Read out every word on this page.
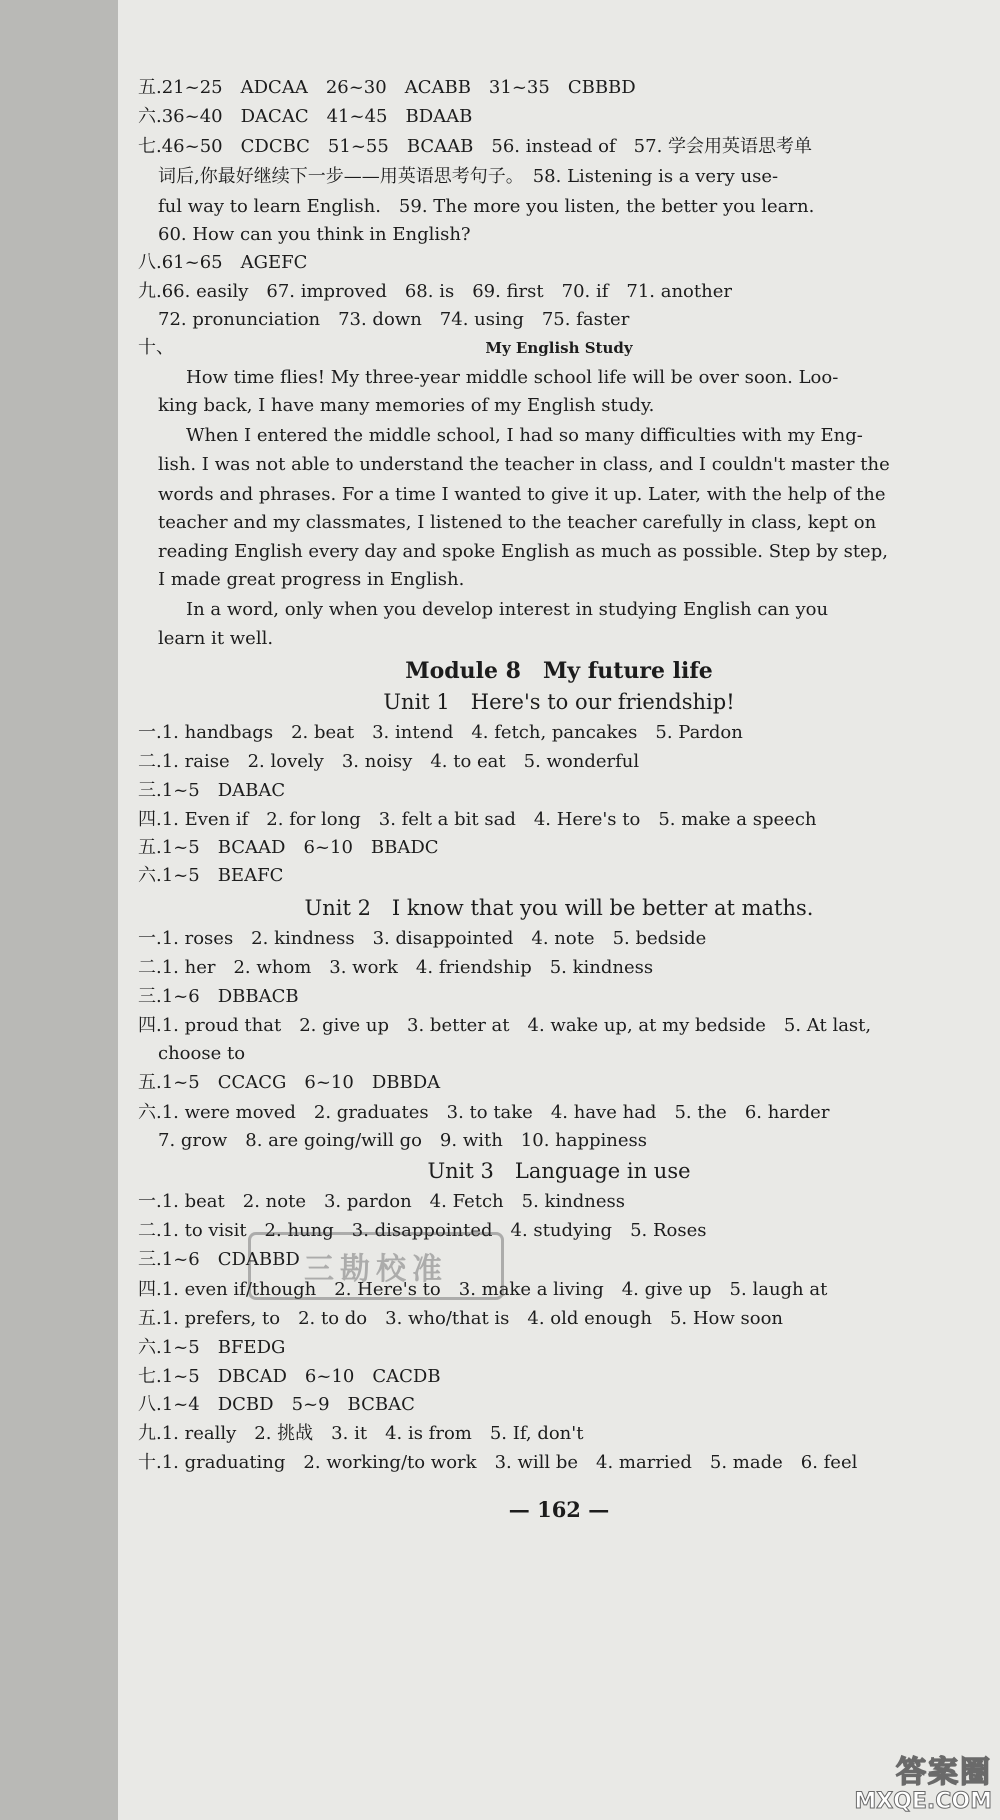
五.21~25　ADCAA　26~30　ACABB　31~35　CBBBD
六.36~40　DACAC　41~45　BDAAB
七.46~50　CDCBC　51~55　BCAAB　56. instead of　57. 学会用英语思考单
词后,你最好继续下一步——用英语思考句子。　58. Listening is a very use-
ful way to learn English.　59. The more you listen, the better you learn.
60. How can you think in English?
八.61~65　AGEFC
九.66. easily　67. improved　68. is　69. first　70. if　71. another
72. pronunciation　73. down　74. using　75. faster
十、	My English Study
How time flies! My three-year middle school life will be over soon. Loo-
king back, I have many memories of my English study.
When I entered the middle school, I had so many difficulties with my Eng-
lish. I was not able to understand the teacher in class, and I couldn't master the
words and phrases. For a time I wanted to give it up. Later, with the help of the
teacher and my classmates, I listened to the teacher carefully in class, kept on
reading English every day and spoke English as much as possible. Step by step,
I made great progress in English.
In a word, only when you develop interest in studying English can you
learn it well.
Module 8　My future life
Unit 1　Here's to our friendship!
一.1. handbags　2. beat　3. intend　4. fetch, pancakes　5. Pardon
二.1. raise　2. lovely　3. noisy　4. to eat　5. wonderful
三.1~5　DABAC
四.1. Even if　2. for long　3. felt a bit sad　4. Here's to　5. make a speech
五.1~5　BCAAD　6~10　BBADC
六.1~5　BEAFC
Unit 2　I know that you will be better at maths.
一.1. roses　2. kindness　3. disappointed　4. note　5. bedside
二.1. her　2. whom　3. work　4. friendship　5. kindness
三.1~6　DBBACB
四.1. proud that　2. give up　3. better at　4. wake up, at my bedside　5. At last,
choose to
五.1~5　CCACG　6~10　DBBDA
六.1. were moved　2. graduates　3. to take　4. have had　5. the　6. harder
7. grow　8. are going/will go　9. with　10. happiness
Unit 3　Language in use
一.1. beat　2. note　3. pardon　4. Fetch　5. kindness
二.1. to visit　2. hung　3. disappointed　4. studying　5. Roses
三.1~6　CDABBD
四.1. even if/though　2. Here's to　3. make a living　4. give up　5. laugh at
五.1. prefers, to　2. to do　3. who/that is　4. old enough　5. How soon
六.1~5　BFEDG
七.1~5　DBCAD　6~10　CACDB
八.1~4　DCBD　5~9　BCBAC
九.1. really　2. 挑战　3. it　4. is from　5. If, don't
十.1. graduating　2. working/to work　3. will be　4. married　5. made　6. feel
— 162 —
三勘校准
答案圈
MXQE.COM
